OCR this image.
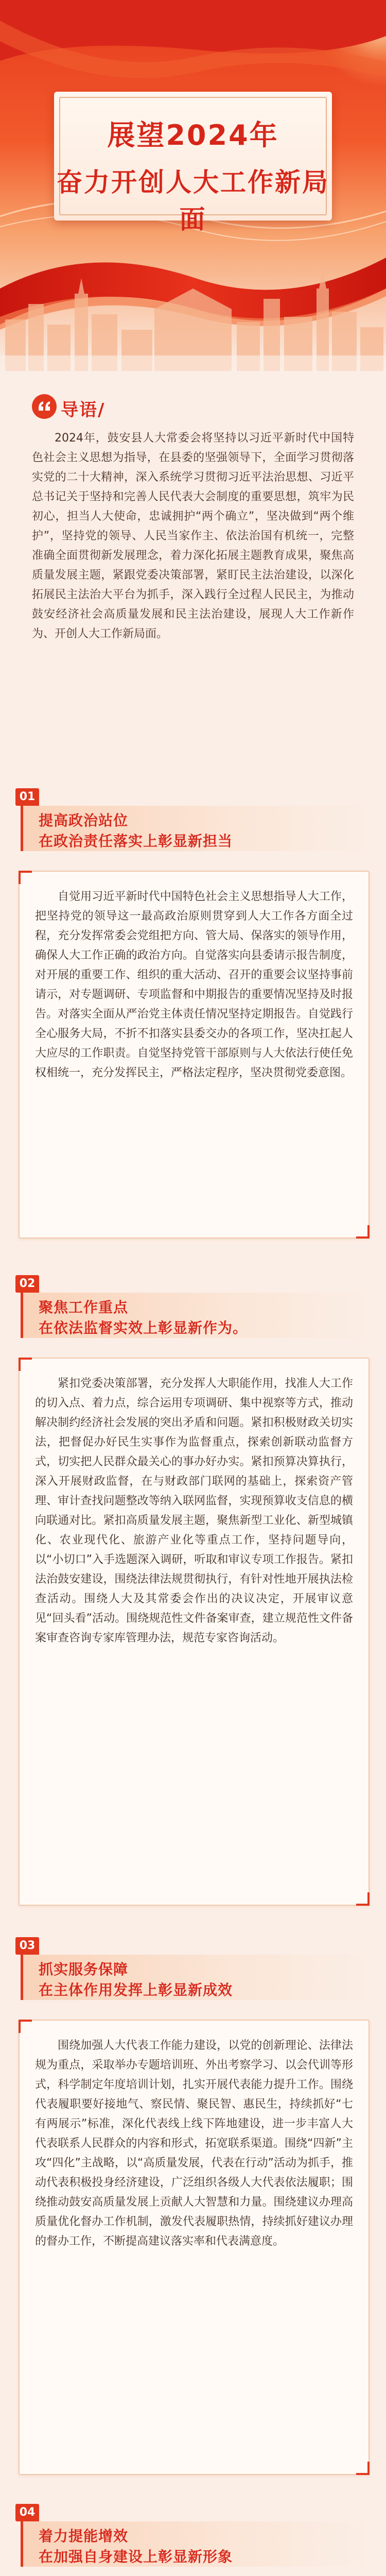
展望2024年
奋力开创人大工作新局面
导语/

2024年，鼓安县人大常委会将坚持以习近平新时代中国特色社会主义思想为指导，在县委的坚强领导下，全面学习贯彻落实党的二十大精神，深入系统学习贯彻习近平法治思想、习近平总书记关于坚持和完善人民代表大会制度的重要思想，筑牢为民初心，担当人大使命，忠诚拥护“两个确立”，坚决做到“两个维护”，坚持党的领导、人民当家作主、依法治国有机统一，完整准确全面贯彻新发展理念，着力深化拓展主题教育成果，聚焦高质量发展主题，紧跟党委决策部署，紧盯民主法治建设，以深化拓展民主法治大平台为抓手，深入践行全过程人民民主，为推动鼓安经济社会高质量发展和民主法治建设，展现人大工作新作为、开创人大工作新局面。

01
提高政治站位
在政治责任落实上彰显新担当

自觉用习近平新时代中国特色社会主义思想指导人大工作，把坚持党的领导这一最高政治原则贯穿到人大工作各方面全过程，充分发挥常委会党组把方向、管大局、保落实的领导作用，确保人大工作正确的政治方向。自觉落实向县委请示报告制度，对开展的重要工作、组织的重大活动、召开的重要会议坚持事前请示，对专题调研、专项监督和中期报告的重要情况坚持及时报告。对落实全面从严治党主体责任情况坚持定期报告。自觉践行全心服务大局，不折不扣落实县委交办的各项工作，坚决扛起人大应尽的工作职责。自觉坚持党管干部原则与人大依法行使任免权相统一，充分发挥民主，严格法定程序，坚决贯彻党委意图。

02
聚焦工作重点
在依法监督实效上彰显新作为。

紧扣党委决策部署，充分发挥人大职能作用，找准人大工作的切入点、着力点，综合运用专项调研、集中视察等方式，推动解决制约经济社会发展的突出矛盾和问题。紧扣积极财政关切实法，把督促办好民生实事作为监督重点，探索创新联动监督方式，切实把人民群众最关心的事办好办实。紧扣预算决算执行，深入开展财政监督，在与财政部门联网的基础上，探索资产管理、审计查找问题整改等纳入联网监督，实现预算收支信息的横向联通对比。紧扣高质量发展主题，聚焦新型工业化、新型城镇化、农业现代化、旅游产业化等重点工作，坚持问题导向，以“小切口”入手选题深入调研，听取和审议专项工作报告。紧扣法治鼓安建设，围绕法律法规贯彻执行，有针对性地开展执法检查活动。围绕人大及其常委会作出的决议决定，开展审议意见“回头看”活动。围绕规范性文件备案审查，建立规范性文件备案审查咨询专家库管理办法，规范专家咨询活动。

03
抓实服务保障
在主体作用发挥上彰显新成效

围绕加强人大代表工作能力建设，以党的创新理论、法律法规为重点，采取举办专题培训班、外出考察学习、以会代训等形式，科学制定年度培训计划，扎实开展代表能力提升工作。围绕代表履职要好接地气、察民情、聚民智、惠民生，持续抓好“七有两展示”标准，深化代表线上线下阵地建设，进一步丰富人大代表联系人民群众的内容和形式，拓宽联系渠道。围绕“四新”主攻“四化”主战略，以“高质量发展，代表在行动”活动为抓手，推动代表积极投身经济建设，广泛组织各级人大代表依法履职；围绕推动鼓安高质量发展上贡献人大智慧和力量。围绕建议办理高质量优化督办工作机制，激发代表履职热情，持续抓好建议办理的督办工作，不断提高建议落实率和代表满意度。

04
着力提能增效
在加强自身建设上彰显新形象
